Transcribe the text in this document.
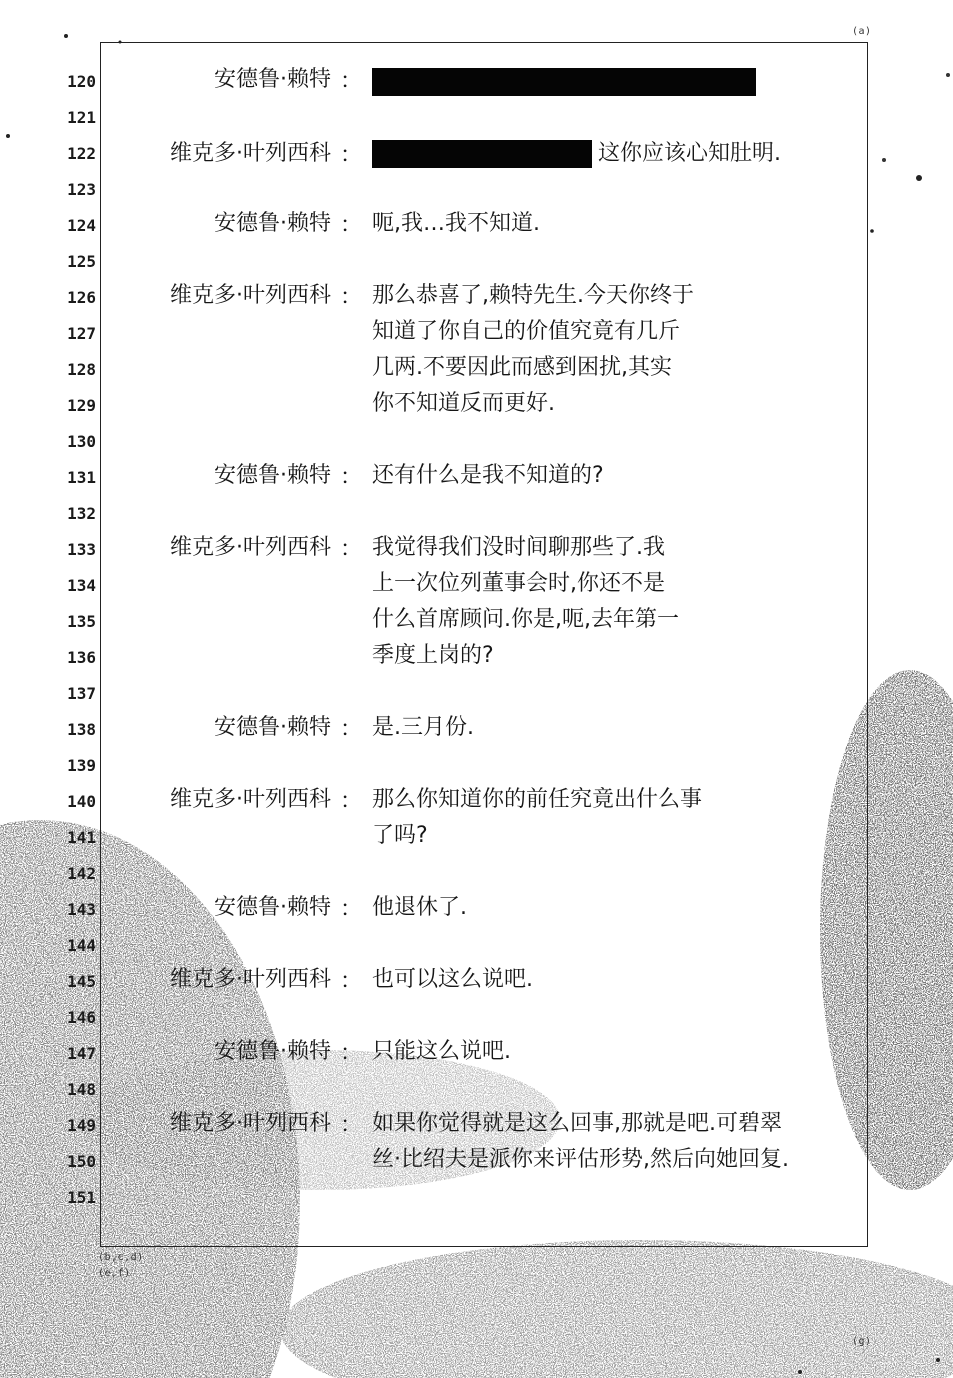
(a)
(b,c,d)
(e,f)
(g)
120
121
122
123
124
125
126
127
128
129
130
131
132
133
134
135
136
137
138
139
140
141
142
143
144
145
146
147
148
149
150
151
安德鲁·赖特 ：
维克多·叶列西科 ：	这你应该心知肚明.
安德鲁·赖特 ： 呃,我…我不知道.
维克多·叶列西科 ： 那么恭喜了,赖特先生.今天你终于
知道了你自己的价值究竟有几斤
几两.不要因此而感到困扰,其实
你不知道反而更好.
安德鲁·赖特 ： 还有什么是我不知道的?
维克多·叶列西科 ： 我觉得我们没时间聊那些了.我
上一次位列董事会时,你还不是
什么首席顾问.你是,呃,去年第一
季度上岗的?
安德鲁·赖特 ： 是.三月份.
维克多·叶列西科 ： 那么你知道你的前任究竟出什么事
了吗?
安德鲁·赖特 ： 他退休了.
维克多·叶列西科 ： 也可以这么说吧.
安德鲁·赖特 ： 只能这么说吧.
维克多·叶列西科 ： 如果你觉得就是这么回事,那就是吧.可碧翠
丝·比绍夫是派你来评估形势,然后向她回复.
